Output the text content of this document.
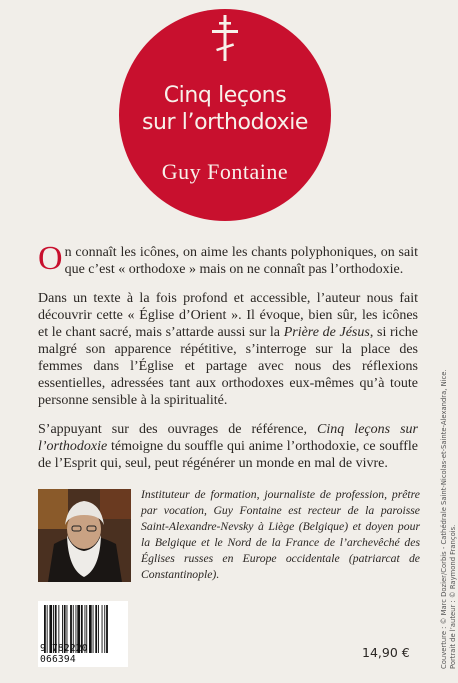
Cinq leçons
sur l’orthodoxie
Guy Fontaine

On connaît les icônes, on aime les chants polyphoniques, on sait que c’est « orthodoxe » mais on ne connaît pas l’orthodoxie.

Dans un texte à la fois profond et accessible, l’auteur nous fait découvrir cette « Église d’Orient ». Il évoque, bien sûr, les icônes et le chant sacré, mais s’attarde aussi sur la Prière de Jésus, si riche malgré son apparence répétitive, s’interroge sur la place des femmes dans l’Église et partage avec nous des réflexions essentielles, adressées tant aux orthodoxes eux-mêmes qu’à toute personne sensible à la spiritualité.

S’appuyant sur des ouvrages de référence, Cinq leçons sur l’orthodoxie témoigne du souffle qui anime l’orthodoxie, ce souffle de l’Esprit qui, seul, peut régénérer un monde en mal de vivre.

Instituteur de formation, journaliste de profession, prêtre par vocation, Guy Fontaine est recteur de la paroisse Saint-Alexandre-Nevsky à Liège (Belgique) et doyen pour la Belgique et le Nord de la France de l’archevêché des Églises russes en Europe occidentale (patriarcat de Constantinople).

9 782220 066394	14,90 €	Couverture : © Marc Dozier/Corbis - Cathédrale Saint-Nicolas-et-Sainte-Alexandra, Nice. Portrait de l’auteur : © Raymond François.
